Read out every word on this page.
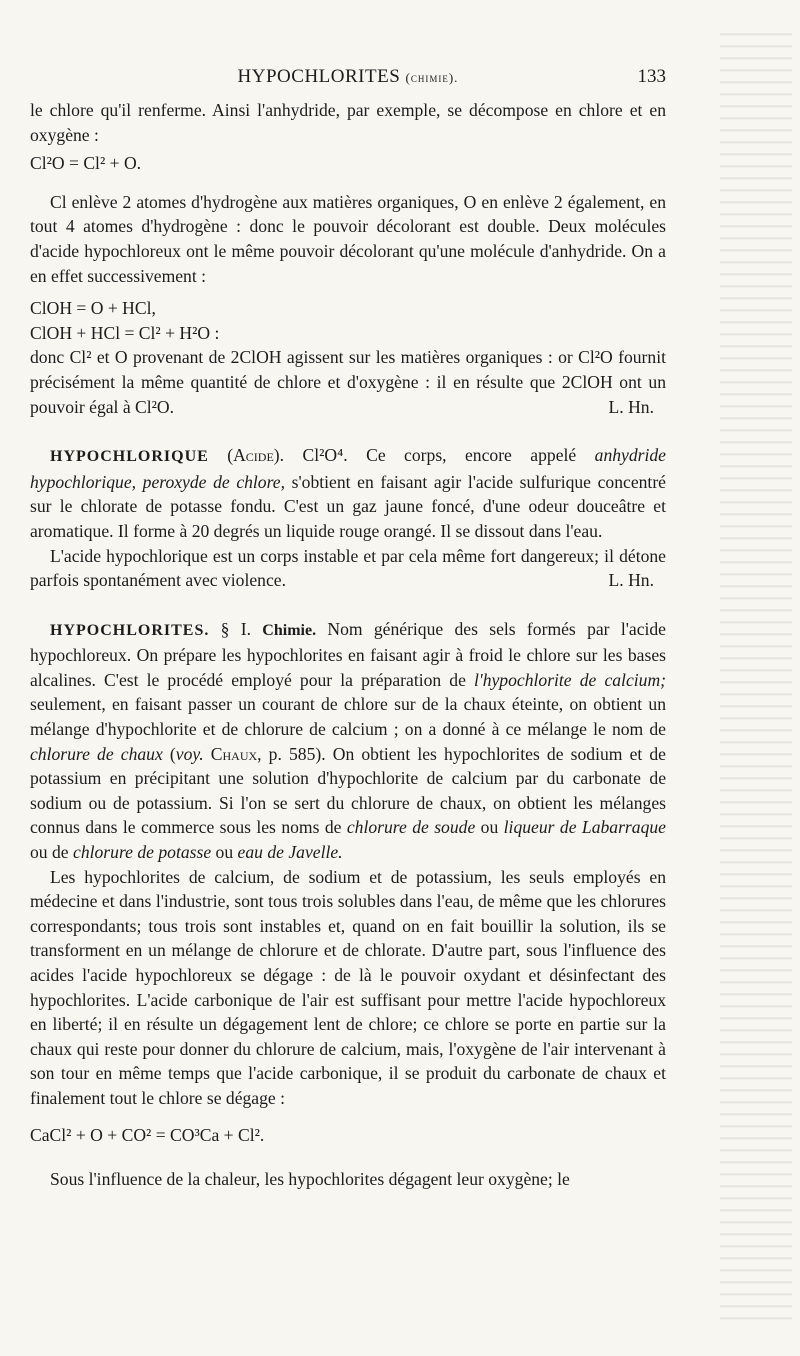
HYPOCHLORITES (chimie).	133

le chlore qu'il renferme. Ainsi l'anhydride, par exemple, se décompose en chlore et en oxygène :

Cl²O = Cl² + O.

Cl enlève 2 atomes d'hydrogène aux matières organiques, O en enlève 2 également, en tout 4 atomes d'hydrogène : donc le pouvoir décolorant est double. Deux molécules d'acide hypochloreux ont le même pouvoir décolorant qu'une molécule d'anhydride. On a en effet successivement :

ClOH = O + HCl,

ClOH + HCl = Cl² + H²O :

donc Cl² et O provenant de 2ClOH agissent sur les matières organiques : or Cl²O fournit précisément la même quantité de chlore et d'oxygène : il en résulte que 2ClOH ont un pouvoir égal à Cl²O.	L. Hn.

HYPOCHLORIQUE (Acide). Cl²O⁴. Ce corps, encore appelé anhydride hypochlorique, peroxyde de chlore, s'obtient en faisant agir l'acide sulfurique concentré sur le chlorate de potasse fondu. C'est un gaz jaune foncé, d'une odeur douceâtre et aromatique. Il forme à 20 degrés un liquide rouge orangé. Il se dissout dans l'eau.

L'acide hypochlorique est un corps instable et par cela même fort dangereux; il détone parfois spontanément avec violence.	L. Hn.

HYPOCHLORITES. § I. Chimie. Nom générique des sels formés par l'acide hypochloreux. On prépare les hypochlorites en faisant agir à froid le chlore sur les bases alcalines. C'est le procédé employé pour la préparation de l'hypochlorite de calcium; seulement, en faisant passer un courant de chlore sur de la chaux éteinte, on obtient un mélange d'hypochlorite et de chlorure de calcium ; on a donné à ce mélange le nom de chlorure de chaux (voy. Chaux, p. 585). On obtient les hypochlorites de sodium et de potassium en précipitant une solution d'hypochlorite de calcium par du carbonate de sodium ou de potassium. Si l'on se sert du chlorure de chaux, on obtient les mélanges connus dans le commerce sous les noms de chlorure de soude ou liqueur de Labarraque ou de chlorure de potasse ou eau de Javelle.

Les hypochlorites de calcium, de sodium et de potassium, les seuls employés en médecine et dans l'industrie, sont tous trois solubles dans l'eau, de même que les chlorures correspondants; tous trois sont instables et, quand on en fait bouillir la solution, ils se transforment en un mélange de chlorure et de chlorate. D'autre part, sous l'influence des acides l'acide hypochloreux se dégage : de là le pouvoir oxydant et désinfectant des hypochlorites. L'acide carbonique de l'air est suffisant pour mettre l'acide hypochloreux en liberté; il en résulte un dégagement lent de chlore; ce chlore se porte en partie sur la chaux qui reste pour donner du chlorure de calcium, mais, l'oxygène de l'air intervenant à son tour en même temps que l'acide carbonique, il se produit du carbonate de chaux et finalement tout le chlore se dégage :

CaCl² + O + CO² = CO³Ca + Cl².

Sous l'influence de la chaleur, les hypochlorites dégagent leur oxygène; le
